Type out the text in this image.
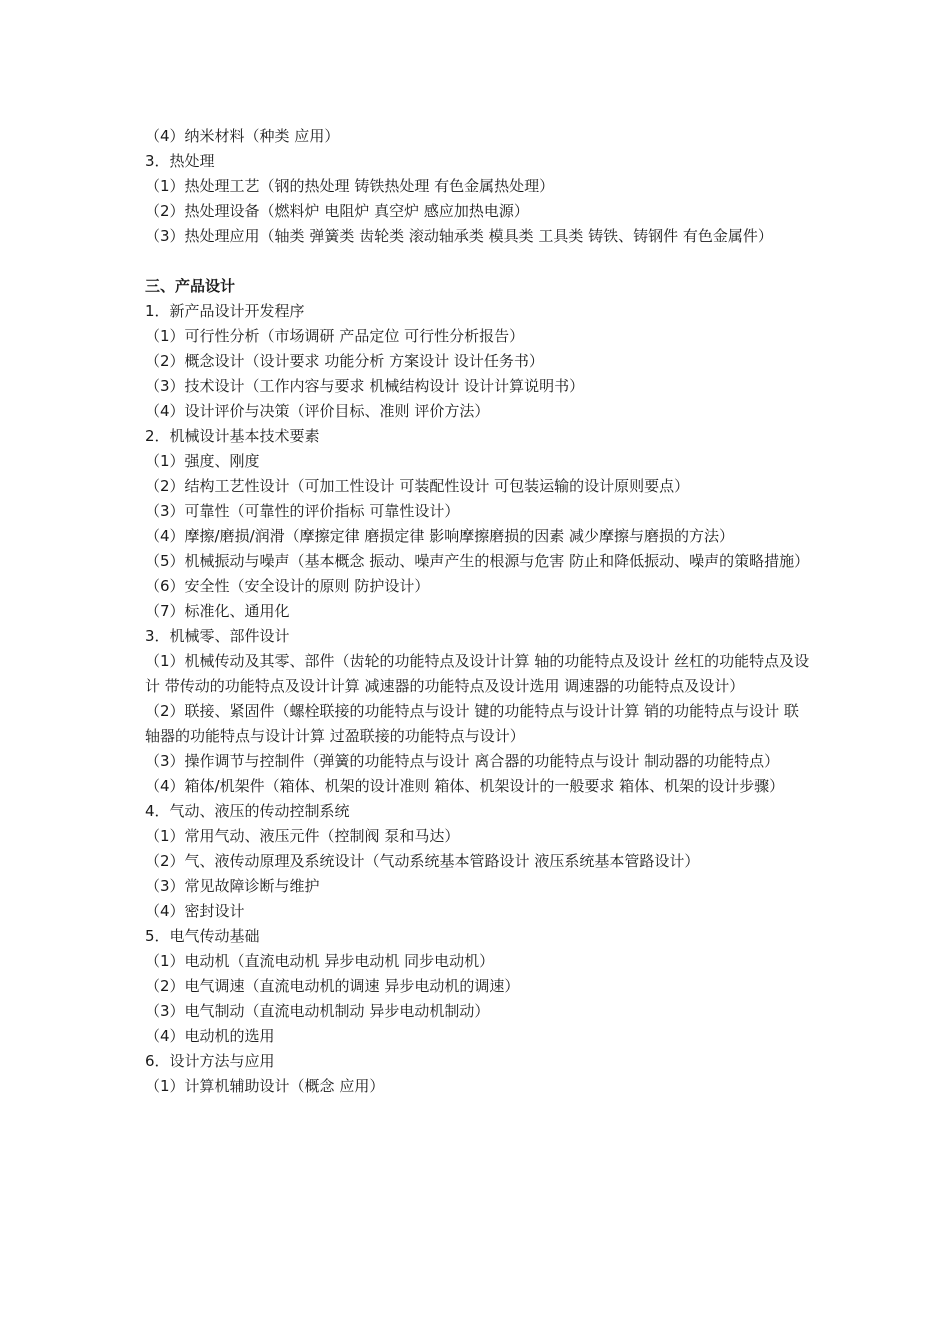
（4）纳米材料（种类 应用）

3．热处理

（1）热处理工艺（钢的热处理 铸铁热处理 有色金属热处理）

（2）热处理设备（燃料炉 电阻炉 真空炉 感应加热电源）

（3）热处理应用（轴类 弹簧类 齿轮类 滚动轴承类 模具类 工具类 铸铁、铸钢件 有色金属件）

三、产品设计

1．新产品设计开发程序

（1）可行性分析（市场调研 产品定位 可行性分析报告）

（2）概念设计（设计要求 功能分析 方案设计 设计任务书）

（3）技术设计（工作内容与要求 机械结构设计 设计计算说明书）

（4）设计评价与决策（评价目标、准则 评价方法）

2．机械设计基本技术要素

（1）强度、刚度

（2）结构工艺性设计（可加工性设计 可装配性设计 可包装运输的设计原则要点）

（3）可靠性（可靠性的评价指标 可靠性设计）

（4）摩擦/磨损/润滑（摩擦定律 磨损定律 影响摩擦磨损的因素 减少摩擦与磨损的方法）

（5）机械振动与噪声（基本概念 振动、噪声产生的根源与危害 防止和降低振动、噪声的策略措施）

（6）安全性（安全设计的原则 防护设计）

（7）标准化、通用化

3．机械零、部件设计

（1）机械传动及其零、部件（齿轮的功能特点及设计计算 轴的功能特点及设计 丝杠的功能特点及设计 带传动的功能特点及设计计算 减速器的功能特点及设计选用 调速器的功能特点及设计）

（2）联接、紧固件（螺栓联接的功能特点与设计 键的功能特点与设计计算 销的功能特点与设计 联轴器的功能特点与设计计算 过盈联接的功能特点与设计）

（3）操作调节与控制件（弹簧的功能特点与设计 离合器的功能特点与设计 制动器的功能特点）

（4）箱体/机架件（箱体、机架的设计准则 箱体、机架设计的一般要求 箱体、机架的设计步骤）

4．气动、液压的传动控制系统

（1）常用气动、液压元件（控制阀 泵和马达）

（2）气、液传动原理及系统设计（气动系统基本管路设计 液压系统基本管路设计）

（3）常见故障诊断与维护

（4）密封设计

5．电气传动基础

（1）电动机（直流电动机 异步电动机 同步电动机）

（2）电气调速（直流电动机的调速 异步电动机的调速）

（3）电气制动（直流电动机制动 异步电动机制动）

（4）电动机的选用

6．设计方法与应用

（1）计算机辅助设计（概念 应用）
